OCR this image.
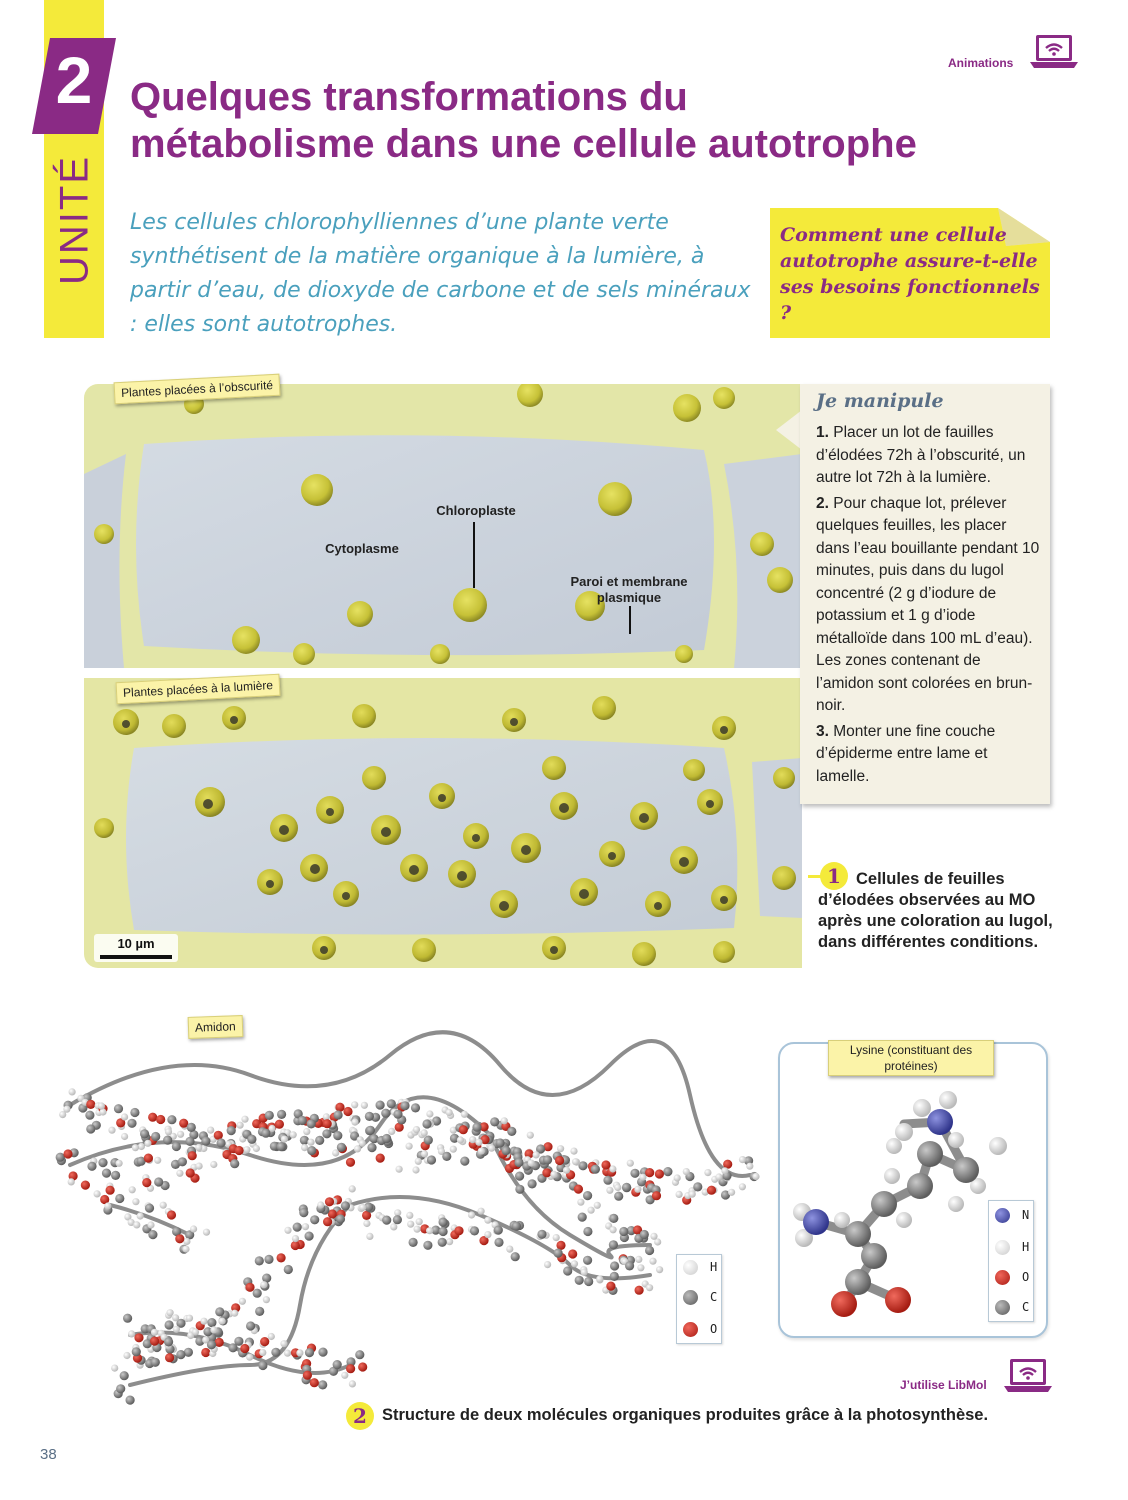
UNITÉ
2 Quelques transformations du
métabolisme dans une cellule autotrophe
Animations

Les cellules chlorophylliennes d’une plante verte synthétisent de la matière organique à la lumière, à partir d’eau, de dioxyde de carbone et de sels minéraux : elles sont autotrophes.

Comment une cellule autotrophe assure-t-elle ses besoins fonctionnels ?
Plantes placées à l’obscurité
Chloroplaste
Cytoplasme
Paroi et membrane plasmique
Plantes placées à la lumière
10 µm
Je manipule

1. Placer un lot de fauilles d’élodées 72h à l’obscurité, un autre lot 72h à la lumière.

2. Pour chaque lot, prélever quelques feuilles, les placer dans l’eau bouillante pendant 10 minutes, puis dans du lugol concentré (2 g d’iodure de potassium et 1 g d’iode métalloïde dans 100 mL d’eau). Les zones contenant de l’amidon sont colorées en brun-noir.

3. Monter une fine couche d’épiderme entre lame et lamelle.

1 Cellules de feuilles d’élodées observées au MO après une coloration au lugol, dans différentes conditions.
Amidon
H
C
O
Lysine (constituant des protéines)
N
H
O
C
J’utilise LibMol
2 Structure de deux molécules organiques produites grâce à la photosynthèse.
38
